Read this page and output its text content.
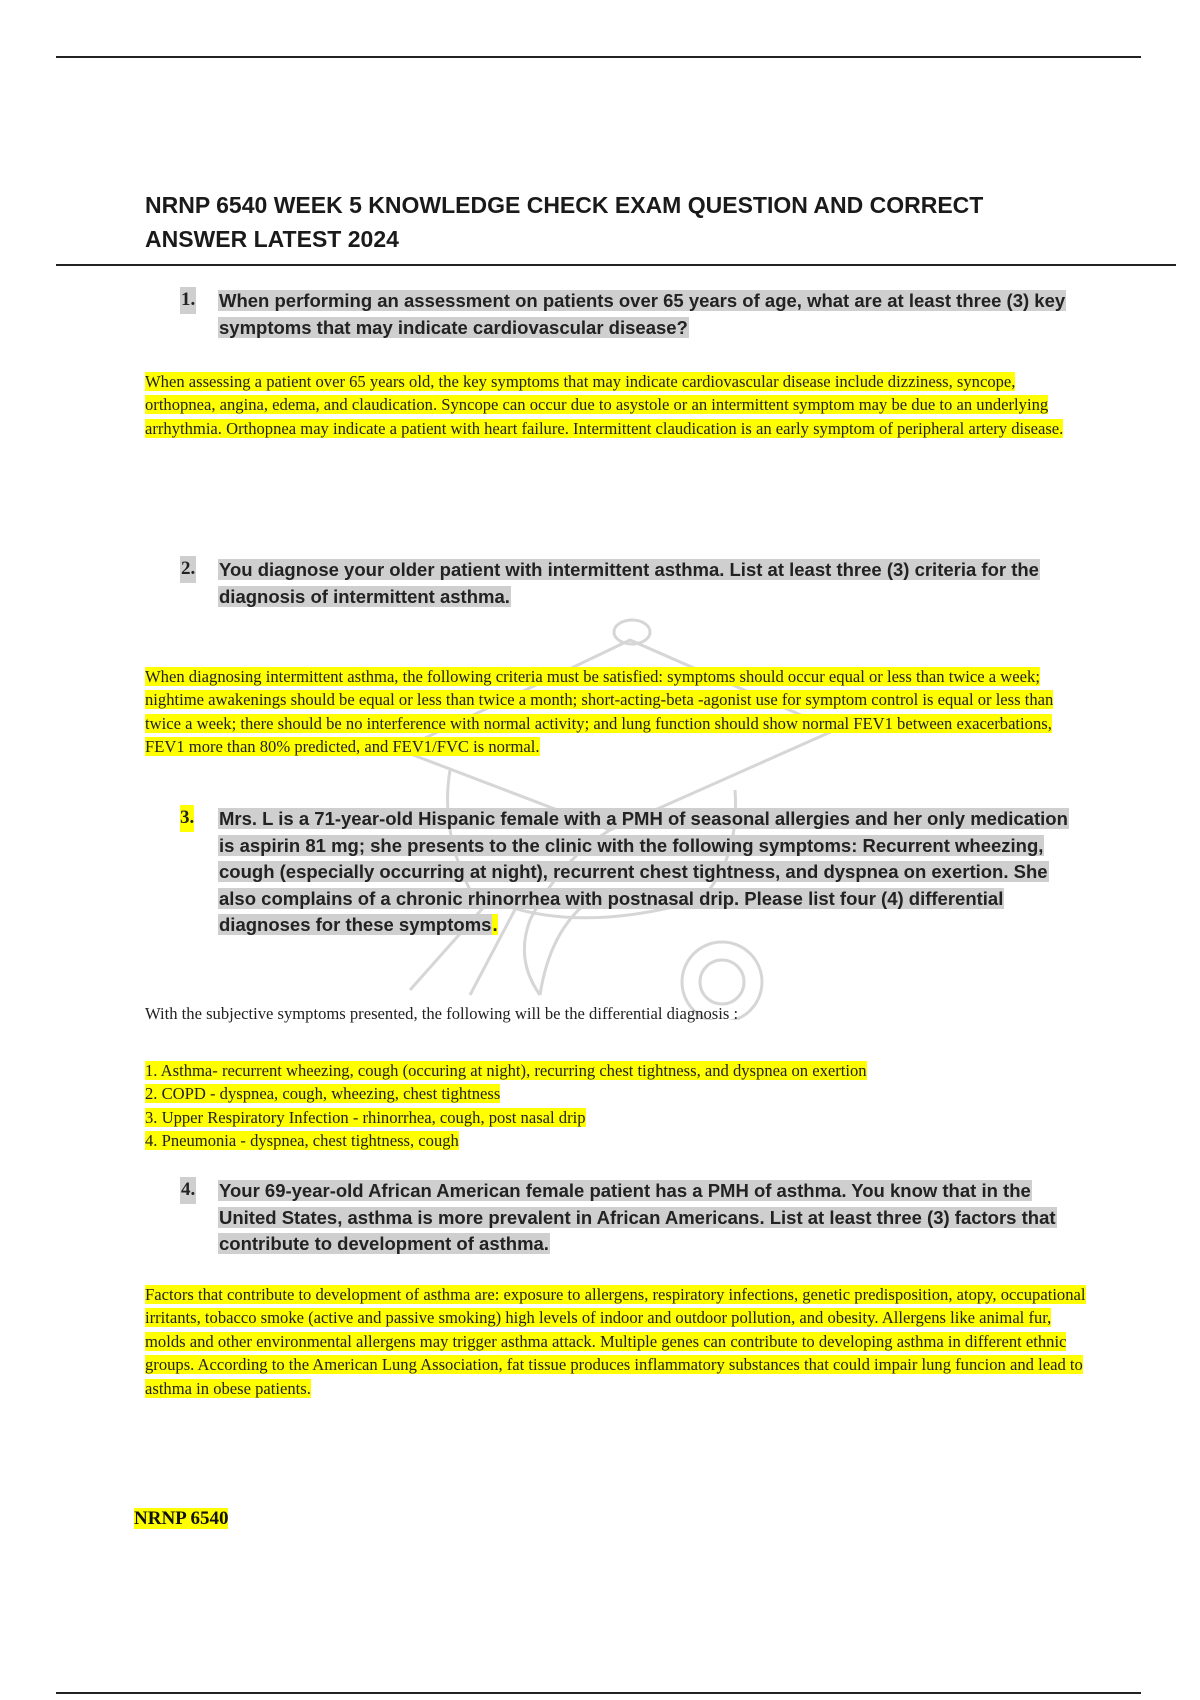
NRNP 6540 WEEK 5 KNOWLEDGE CHECK EXAM QUESTION AND CORRECT ANSWER LATEST 2024
1. When performing an assessment on patients over 65 years of age, what are at least three (3) key symptoms that may indicate cardiovascular disease?
When assessing a patient over 65 years old, the key symptoms that may indicate cardiovascular disease include dizziness, syncope, orthopnea, angina, edema, and claudication. Syncope can occur due to asystole or an intermittent symptom may be due to an underlying arrhythmia. Orthopnea may indicate a patient with heart failure. Intermittent claudication is an early symptom of peripheral artery disease.
2. You diagnose your older patient with intermittent asthma. List at least three (3) criteria for the diagnosis of intermittent asthma.
When diagnosing intermittent asthma, the following criteria must be satisfied: symptoms should occur equal or less than twice a week; nightime awakenings should be equal or less than twice a month; short-acting-beta -agonist use for symptom control is equal or less than twice a week; there should be no interference with normal activity; and lung function should show normal FEV1 between exacerbations, FEV1 more than 80% predicted, and FEV1/FVC is normal.
3. Mrs. L is a 71-year-old Hispanic female with a PMH of seasonal allergies and her only medication is aspirin 81 mg; she presents to the clinic with the following symptoms: Recurrent wheezing, cough (especially occurring at night), recurrent chest tightness, and dyspnea on exertion. She also complains of a chronic rhinorrhea with postnasal drip. Please list four (4) differential diagnoses for these symptoms.
With the subjective symptoms presented, the following will be the differential diagnosis :
1. Asthma- recurrent wheezing, cough (occuring at night), recurring chest tightness, and dyspnea on exertion
2. COPD - dyspnea, cough, wheezing, chest tightness
3. Upper Respiratory Infection - rhinorrhea, cough, post nasal drip
4. Pneumonia - dyspnea, chest tightness, cough
4. Your 69-year-old African American female patient has a PMH of asthma. You know that in the United States, asthma is more prevalent in African Americans. List at least three (3) factors that contribute to development of asthma.
Factors that contribute to development of asthma are: exposure to allergens, respiratory infections, genetic predisposition, atopy, occupational irritants, tobacco smoke (active and passive smoking) high levels of indoor and outdoor pollution, and obesity. Allergens like animal fur, molds and other environmental allergens may trigger asthma attack. Multiple genes can contribute to developing asthma in different ethnic groups. According to the American Lung Association, fat tissue produces inflammatory substances that could impair lung funcion and lead to asthma in obese patients.
NRNP 6540
